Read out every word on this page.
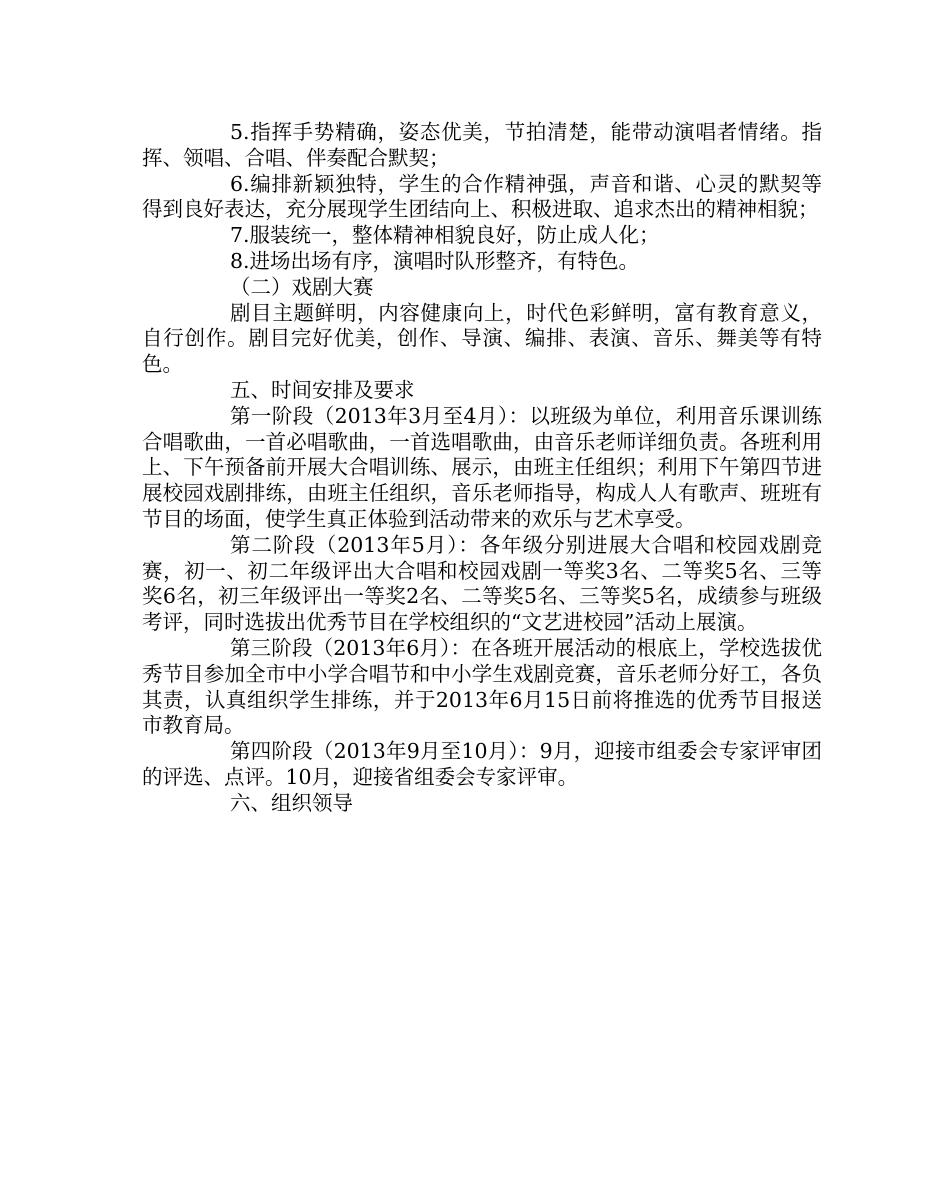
5.指挥手势精确，姿态优美，节拍清楚，能带动演唱者情绪。指挥、领唱、合唱、伴奏配合默契；

6.编排新颖独特，学生的合作精神强，声音和谐、心灵的默契等得到良好表达，充分展现学生团结向上、积极进取、追求杰出的精神相貌；

7.服装统一，整体精神相貌良好，防止成人化；

8.进场出场有序，演唱时队形整齐，有特色。

（二）戏剧大赛

剧目主题鲜明，内容健康向上，时代色彩鲜明，富有教育意义，自行创作。剧目完好优美，创作、导演、编排、表演、音乐、舞美等有特色。

五、时间安排及要求

第一阶段（2013年3月至4月）：以班级为单位，利用音乐课训练合唱歌曲，一首必唱歌曲，一首选唱歌曲，由音乐老师详细负责。各班利用上、下午预备前开展大合唱训练、展示，由班主任组织；利用下午第四节进展校园戏剧排练，由班主任组织，音乐老师指导，构成人人有歌声、班班有节目的场面，使学生真正体验到活动带来的欢乐与艺术享受。

第二阶段（2013年5月）：各年级分别进展大合唱和校园戏剧竞赛，初一、初二年级评出大合唱和校园戏剧一等奖3名、二等奖5名、三等奖6名，初三年级评出一等奖2名、二等奖5名、三等奖5名，成绩参与班级考评，同时选拔出优秀节目在学校组织的“文艺进校园”活动上展演。

第三阶段（2013年6月）：在各班开展活动的根底上，学校选拔优秀节目参加全市中小学合唱节和中小学生戏剧竞赛，音乐老师分好工，各负其责，认真组织学生排练，并于2013年6月15日前将推选的优秀节目报送市教育局。

第四阶段（2013年9月至10月）：9月，迎接市组委会专家评审团的评选、点评。10月，迎接省组委会专家评审。

六、组织领导
